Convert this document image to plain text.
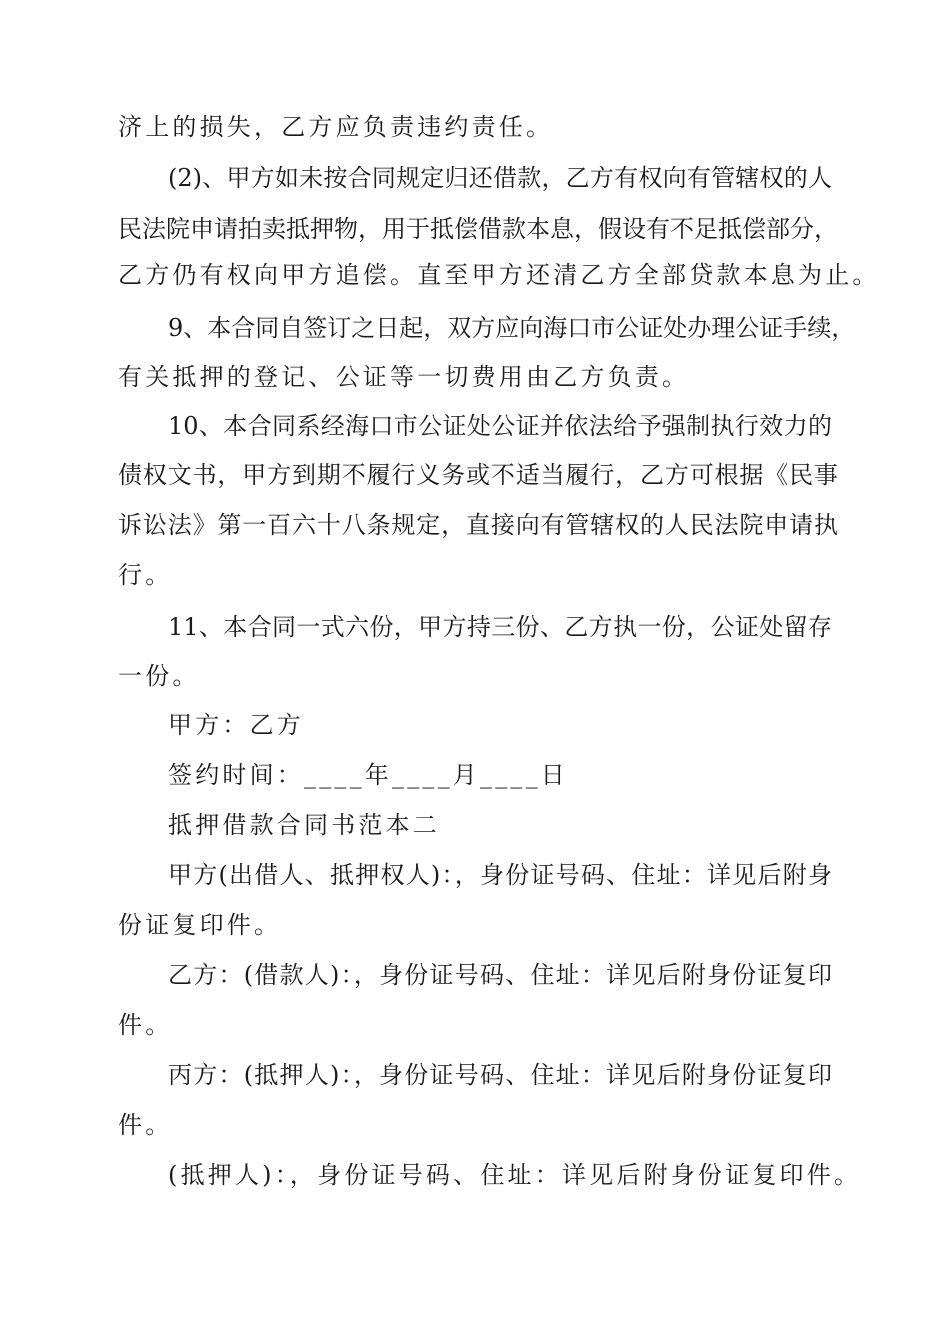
济上的损失，乙方应负责违约责任。
(2)、甲方如未按合同规定归还借款，乙方有权向有管辖权的人
民法院申请拍卖抵押物，用于抵偿借款本息，假设有不足抵偿部分，
乙方仍有权向甲方追偿。直至甲方还清乙方全部贷款本息为止。
9、本合同自签订之日起，双方应向海口市公证处办理公证手续，
有关抵押的登记、公证等一切费用由乙方负责。
10、本合同系经海口市公证处公证并依法给予强制执行效力的
债权文书，甲方到期不履行义务或不适当履行，乙方可根据《民事
诉讼法》第一百六十八条规定，直接向有管辖权的人民法院申请执
行。
11、本合同一式六份，甲方持三份、乙方执一份，公证处留存
一份。
甲方：乙方
签约时间：____年____月____日
抵押借款合同书范本二
甲方(出借人、抵押权人)：，身份证号码、住址：详见后附身
份证复印件。
乙方：(借款人)：，身份证号码、住址：详见后附身份证复印
件。
丙方：(抵押人)：，身份证号码、住址：详见后附身份证复印
件。
(抵押人)：，身份证号码、住址：详见后附身份证复印件。
